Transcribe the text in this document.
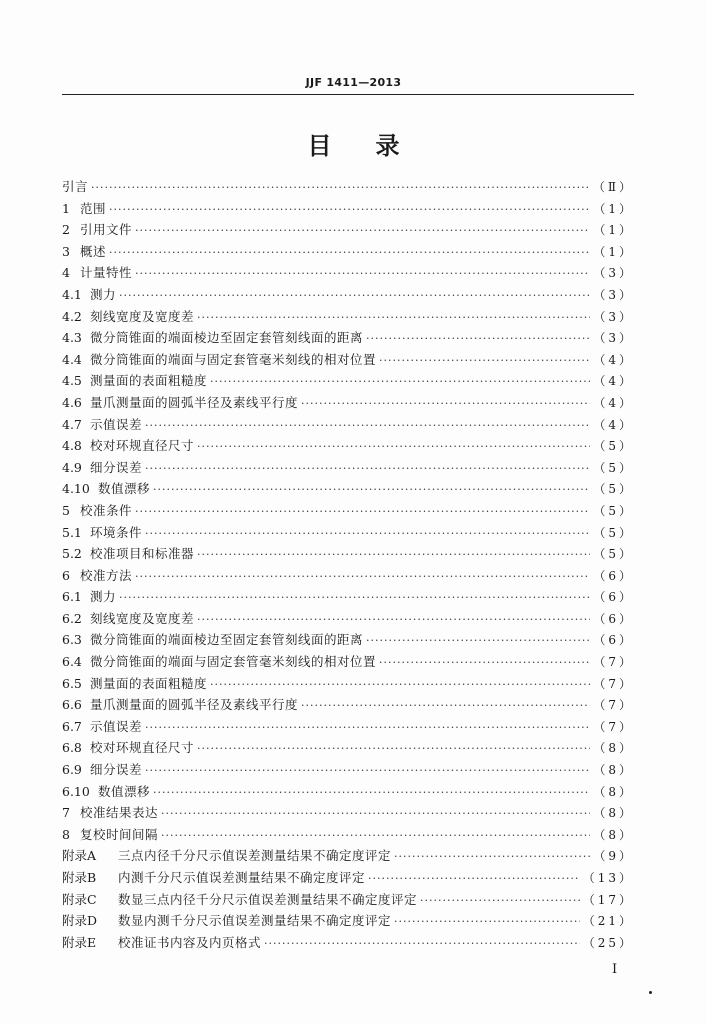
JJF 1411—2013
目录
引言 ·····	（Ⅱ）
1 范围 ·····	（1）
2 引用文件 ·····	（1）
3 概述 ·····	（1）
4 计量特性 ·····	（3）
4.1 测力 ·····	（3）
4.2 刻线宽度及宽度差 ·····	（3）
4.3 微分筒锥面的端面棱边至固定套管刻线面的距离 ·····	（3）
4.4 微分筒锥面的端面与固定套管毫米刻线的相对位置 ·····	（4）
4.5 测量面的表面粗糙度 ·····	（4）
4.6 量爪测量面的圆弧半径及素线平行度 ·····	（4）
4.7 示值误差 ·····	（4）
4.8 校对环规直径尺寸 ·····	（5）
4.9 细分误差 ·····	（5）
4.10 数值漂移 ·····	（5）
5 校准条件 ·····	（5）
5.1 环境条件 ·····	（5）
5.2 校准项目和标准器 ·····	（5）
6 校准方法 ·····	（6）
6.1 测力 ·····	（6）
6.2 刻线宽度及宽度差 ·····	（6）
6.3 微分筒锥面的端面棱边至固定套管刻线面的距离 ·····	（6）
6.4 微分筒锥面的端面与固定套管毫米刻线的相对位置 ·····	（7）
6.5 测量面的表面粗糙度 ·····	（7）
6.6 量爪测量面的圆弧半径及素线平行度 ·····	（7）
6.7 示值误差 ·····	（7）
6.8 校对环规直径尺寸 ·····	（8）
6.9 细分误差 ·····	（8）
6.10 数值漂移 ·····	（8）
7 校准结果表达 ·····	（8）
8 复校时间间隔 ·····	（8）
附录A	三点内径千分尺示值误差测量结果不确定度评定 ·····	（9）
附录B	内测千分尺示值误差测量结果不确定度评定 ·····	（13）
附录C	数显三点内径千分尺示值误差测量结果不确定度评定 ·····	（17）
附录D	数显内测千分尺示值误差测量结果不确定度评定 ·····	（21）
附录E	校准证书内容及内页格式 ·····	（25）
Ⅰ
